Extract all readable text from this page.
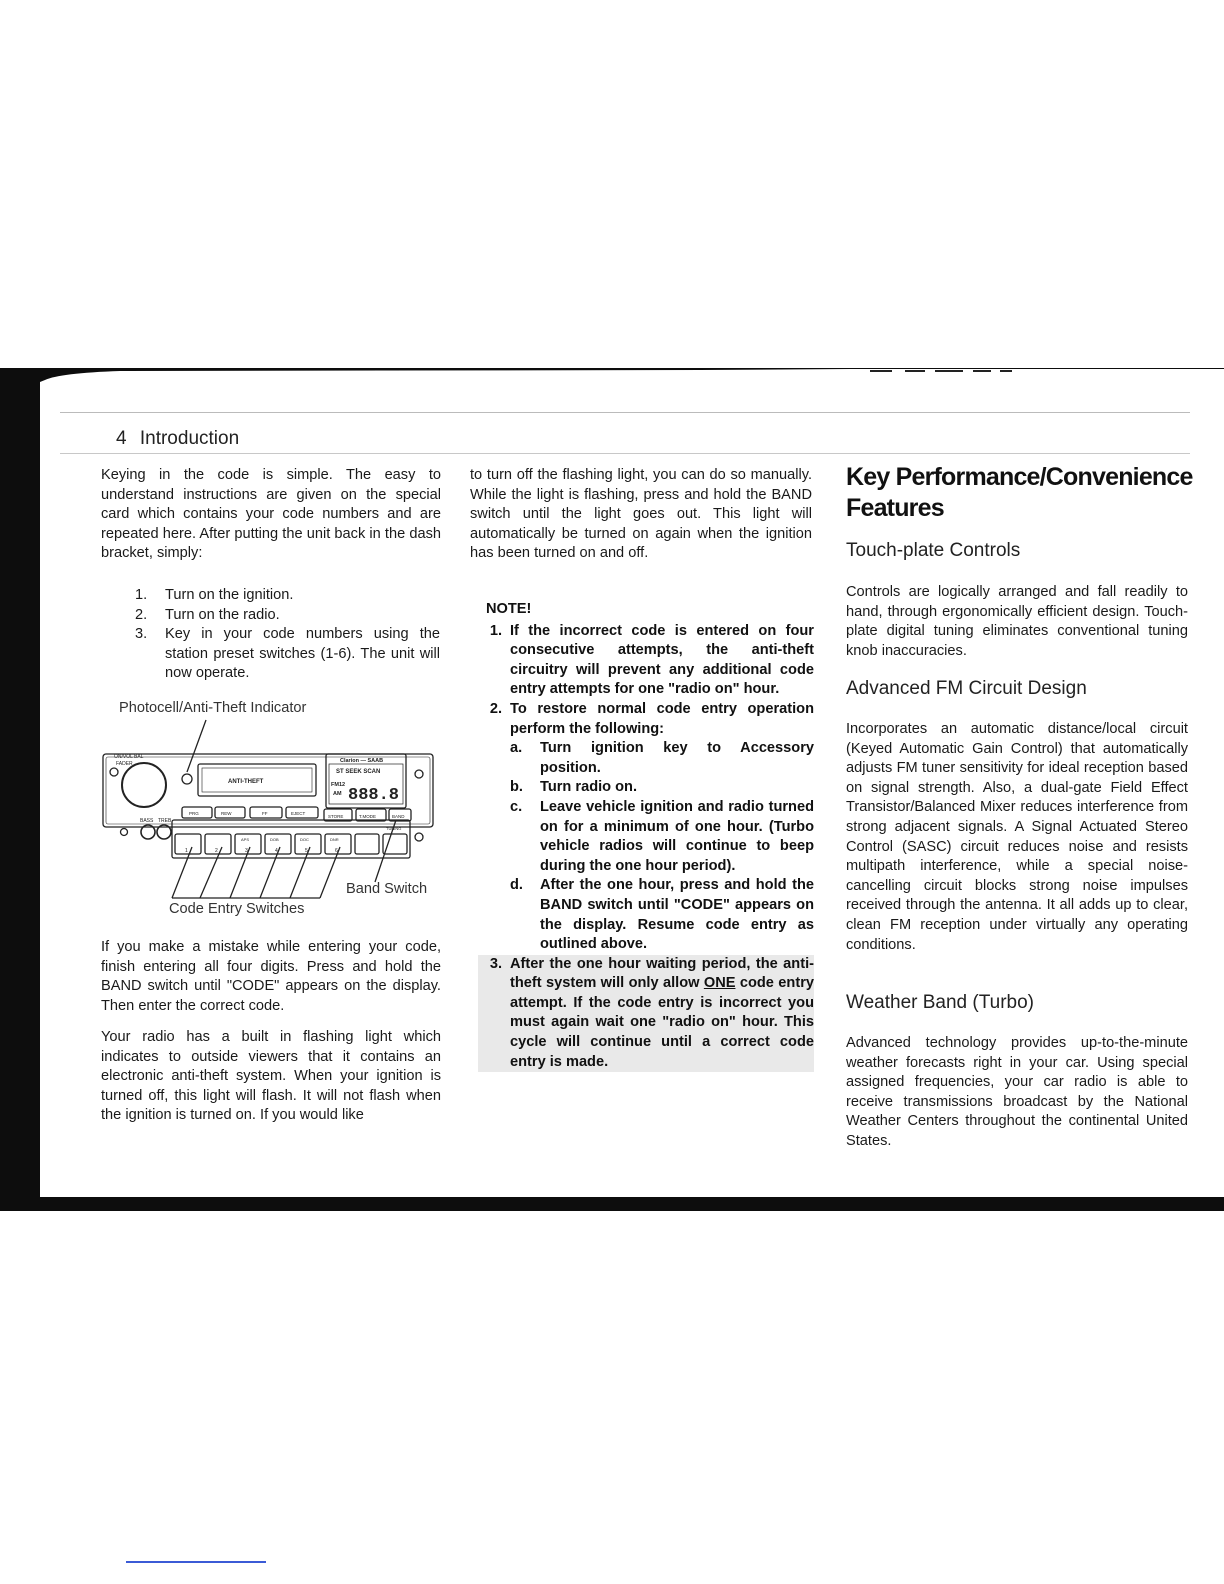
4 Introduction

Keying in the code is simple. The easy to understand instructions are given on the special card which contains your code numbers and are repeated here. After putting the unit back in the dash bracket, simply:

1.	Turn on the ignition.
2.	Turn on the radio.
3.	Key in your code numbers using the station preset switches (1-6). The unit will now operate.
Photocell/Anti-Theft Indicator
ON/VOL BAL
FADER
BASS TREB
Clarion — SAAB
ANTI-THEFT
ST SEEK SCAN
FM12
AM 888.8
PRG	REW	FF	EJECT
STORE	T.MODE	BAND
TUNING
APS	DOB	DOC	DNR
1	2	3	4	5	6
Band Switch
Code Entry Switches

If you make a mistake while entering your code, finish entering all four digits. Press and hold the BAND switch until "CODE" appears on the display. Then enter the correct code.

Your radio has a built in flashing light which indicates to outside viewers that it contains an electronic anti-theft system. When your ignition is turned off, this light will flash. It will not flash when the ignition is turned on. If you would like

to turn off the flashing light, you can do so manually. While the light is flashing, press and hold the BAND switch until the light goes out. This light will automatically be turned on again when the ignition has been turned on and off.

NOTE!
1. If the incorrect code is entered on four consecutive attempts, the anti-theft circuitry will prevent any additional code entry attempts for one "radio on" hour.
2. To restore normal code entry operation perform the following:
a.	Turn ignition key to Accessory position.
b.	Turn radio on.
c.	Leave vehicle ignition and radio turned on for a minimum of one hour. (Turbo vehicle radios will continue to beep during the one hour period).
d.	After the one hour, press and hold the BAND switch until "CODE" appears on the display. Resume code entry as outlined above.
3. After the one hour waiting period, the anti-theft system will only allow ONE code entry attempt. If the code entry is incorrect you must again wait one "radio on" hour. This cycle will continue until a correct code entry is made.
Key Performance/Convenience Features
Touch-plate Controls

Controls are logically arranged and fall readily to hand, through ergonomically efficient design. Touch-plate digital tuning eliminates conventional tuning knob inaccuracies.

Advanced FM Circuit Design

Incorporates an automatic distance/local circuit (Keyed Automatic Gain Control) that automatically adjusts FM tuner sensitivity for ideal reception based on signal strength. Also, a dual-gate Field Effect Transistor/Balanced Mixer reduces interference from strong adjacent signals. A Signal Actuated Stereo Control (SASC) circuit reduces noise and resists multipath interference, while a special noise-cancelling circuit blocks strong noise impulses received through the antenna. It all adds up to clear, clean FM reception under virtually any operating conditions.

Weather Band (Turbo)

Advanced technology provides up-to-the-minute weather forecasts right in your car. Using special assigned frequencies, your car radio is able to receive transmissions broadcast by the National Weather Centers throughout the continental United States.
